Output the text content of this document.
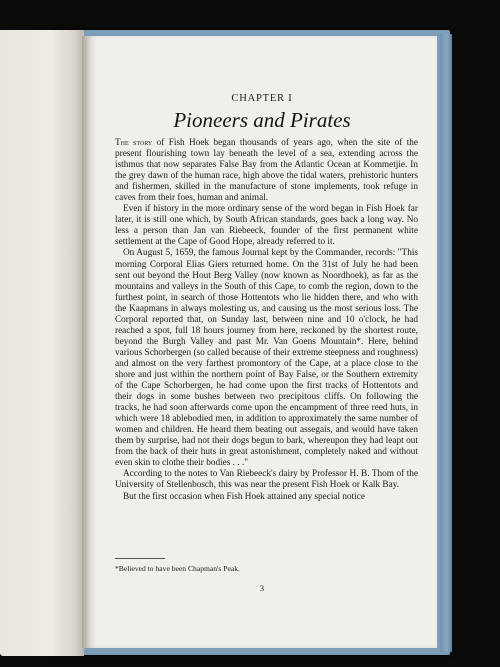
CHAPTER I
Pioneers and Pirates

The story of Fish Hoek began thousands of years ago, when the site of the present flourishing town lay beneath the level of a sea, extending across the isthmus that now separates False Bay from the Atlantic Ocean at Kommetjie. In the grey dawn of the human race, high above the tidal waters, prehistoric hunters and fishermen, skilled in the manufacture of stone implements, took refuge in caves from their foes, human and animal.

Even if history in the more ordinary sense of the word began in Fish Hoek far later, it is still one which, by South African standards, goes back a long way. No less a person than Jan van Riebeeck, founder of the first permanent white settlement at the Cape of Good Hope, already referred to it.

On August 5, 1659, the famous Journal kept by the Commander, records: "This morning Corporal Elias Giers returned home. On the 31st of July he had been sent out beyond the Hout Berg Valley (now known as Noordhoek), as far as the mountains and valleys in the South of this Cape, to comb the region, down to the furthest point, in search of those Hottentots who lie hidden there, and who with the Kaapmans in always molesting us, and causing us the most serious loss. The Corporal reported that, on Sunday last, between nine and 10 o'clock, he had reached a spot, full 18 hours journey from here, reckoned by the shortest route, beyond the Burgh Valley and past Mr. Van Goens Mountain*. Here, behind various Schorbergen (so called because of their extreme steepness and roughness) and almost on the very farthest promontory of the Cape, at a place close to the shore and just within the northern point of Bay False, or the Southern extremity of the Cape Schorbergen, he had come upon the first tracks of Hottentots and their dogs in some bushes between two precipitous cliffs. On following the tracks, he had soon afterwards come upon the encampment of three reed huts, in which were 18 ablebodied men, in addition to approximately the same number of women and children. He heard them beating out assegais, and would have taken them by surprise, had not their dogs begun to bark, whereupon they had leapt out from the back of their huts in great astonishment, completely naked and without even skin to clothe their bodies . . ."

According to the notes to Van Riebeeck's dairy by Professor H. B. Thom of the University of Stellenbosch, this was near the present Fish Hoek or Kalk Bay.

But the first occasion when Fish Hoek attained any special notice

*Believed to have been Chapman's Peak.
3
